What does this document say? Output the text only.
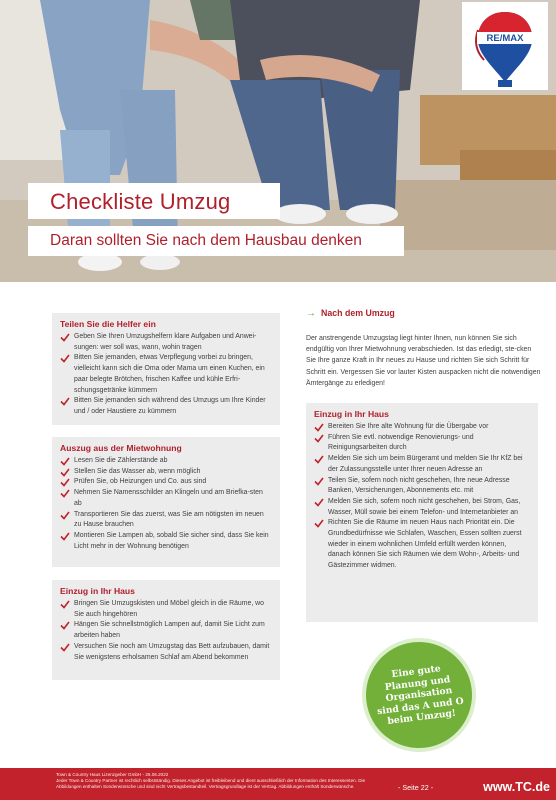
RE/MAX
Checkliste Umzug
Daran sollten Sie nach dem Hausbau denken
Teilen Sie die Helfer ein
Geben Sie Ihren Umzugshelfern klare Aufgaben und Anwei-sungen: wer soll was, wann, wohin tragen
Bitten Sie jemanden, etwas Verpflegung vorbei zu bringen, vielleicht kann sich die Oma oder Mama um einen Kuchen, ein paar belegte Brötchen, frischen Kaffee und kühle Erfri-schungsgetränke kümmern
Bitten Sie jemanden sich während des Umzugs um Ihre Kinder und / oder Haustiere zu kümmern
Auszug aus der Mietwohnung
Lesen Sie die Zählerstände ab
Stellen Sie das Wasser ab, wenn möglich
Prüfen Sie, ob Heizungen und Co. aus sind
Nehmen Sie Namensschilder an Klingeln und am Briefka-sten ab
Transportieren Sie das zuerst, was Sie am nötigsten im neuen zu Hause brauchen
Montieren Sie Lampen ab, sobald Sie sicher sind, dass Sie kein Licht mehr in der Wohnung benötigen
Einzug in Ihr Haus
Bringen Sie Umzugskisten und Möbel gleich in die Räume, wo Sie auch hingehören
Hängen Sie schnellstmöglich Lampen auf, damit Sie Licht zum arbeiten haben
Versuchen Sie noch am Umzugstag das Bett aufzubauen, damit Sie wenigstens erholsamen Schlaf am Abend bekommen
→ Nach dem Umzug

Der anstrengende Umzugstag liegt hinter Ihnen, nun können Sie sich endgültig von Ihrer Mietwohnung verabschieden. Ist das erledigt, ste-cken Sie Ihre ganze Kraft in Ihr neues zu Hause und richten Sie sich Schritt für Schritt ein. Vergessen Sie vor lauter Kisten auspacken nicht die notwendigen Ämtergänge zu erledigen!

Einzug in Ihr Haus
Bereiten Sie Ihre alte Wohnung für die Übergabe vor
Führen Sie evtl. notwendige Renovierungs- und Reinigungsarbeiten durch
Melden Sie sich um beim Bürgeramt und melden Sie Ihr KfZ bei der Zulassungsstelle unter Ihrer neuen Adresse an
Teilen Sie, sofern noch nicht geschehen, Ihre neue Adresse Banken, Versicherungen, Abonnements etc. mit
Melden Sie sich, sofern noch nicht geschehen, bei Strom, Gas, Wasser, Müll sowie bei einem Telefon- und Internetanbieter an
Richten Sie die Räume im neuen Haus nach Priorität ein. Die Grundbedürfnisse wie Schlafen, Waschen, Essen sollten zuerst wieder in einem wohnlichen Umfeld erfüllt werden können, danach können Sie sich Räumen wie dem Wohn-, Arbeits- und Gästezimmer widmen.

Eine gute Planung und Organisation sind das A und O beim Umzug!

Town & Country Haus Lizenzgeber GmbH - 26.06.2022
Jeder Town & Country Partner ist rechtlich selbstständig. Dieses Angebot ist freibleibend und dient ausschließlich der Information des Interessenten. Die Abbildungen enthalten Sonderwünsche und sind nicht Vertragsbestandteil. Vertragsgrundlage ist der Vertrag. Abbildungen enthält Sonderwünsche.	- Seite 22 -	www.TC.de
